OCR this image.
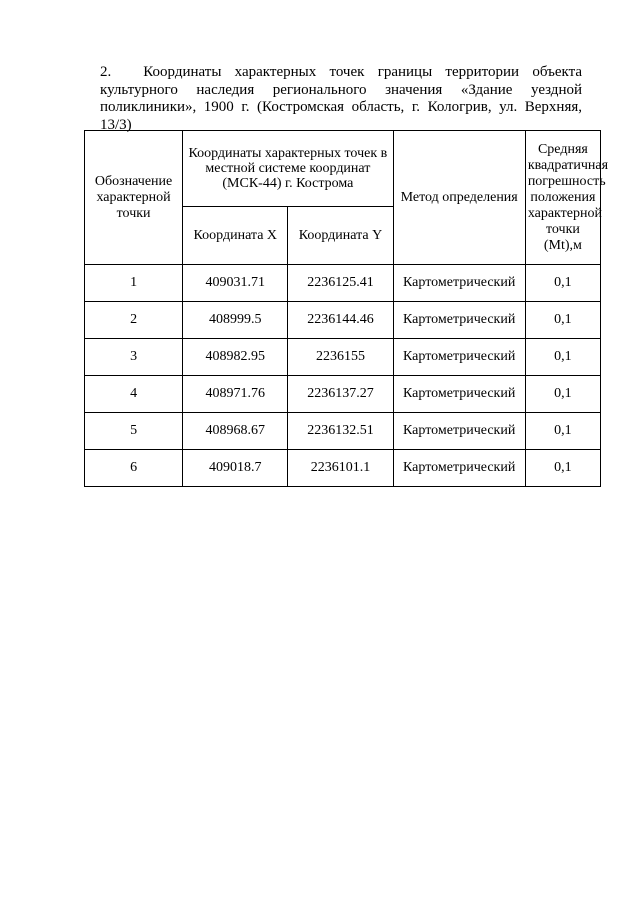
2. Координаты характерных точек границы территории объекта культурного наследия регионального значения «Здание уездной поликлиники», 1900 г. (Костромская область, г. Кологрив, ул. Верхняя, 13/3)
Обозначение характерной точки	Координаты характерных точек в местной системе координат (МСК-44) г. Кострома		Метод определения	Средняя квадратичная погрешность положения характерной точки (Mt),м
	Координата X	Координата Y		
1	409031.71	2236125.41	Картометрический	0,1
2	408999.5	2236144.46	Картометрический	0,1
3	408982.95	2236155	Картометрический	0,1
4	408971.76	2236137.27	Картометрический	0,1
5	408968.67	2236132.51	Картометрический	0,1
6	409018.7	2236101.1	Картометрический	0,1
